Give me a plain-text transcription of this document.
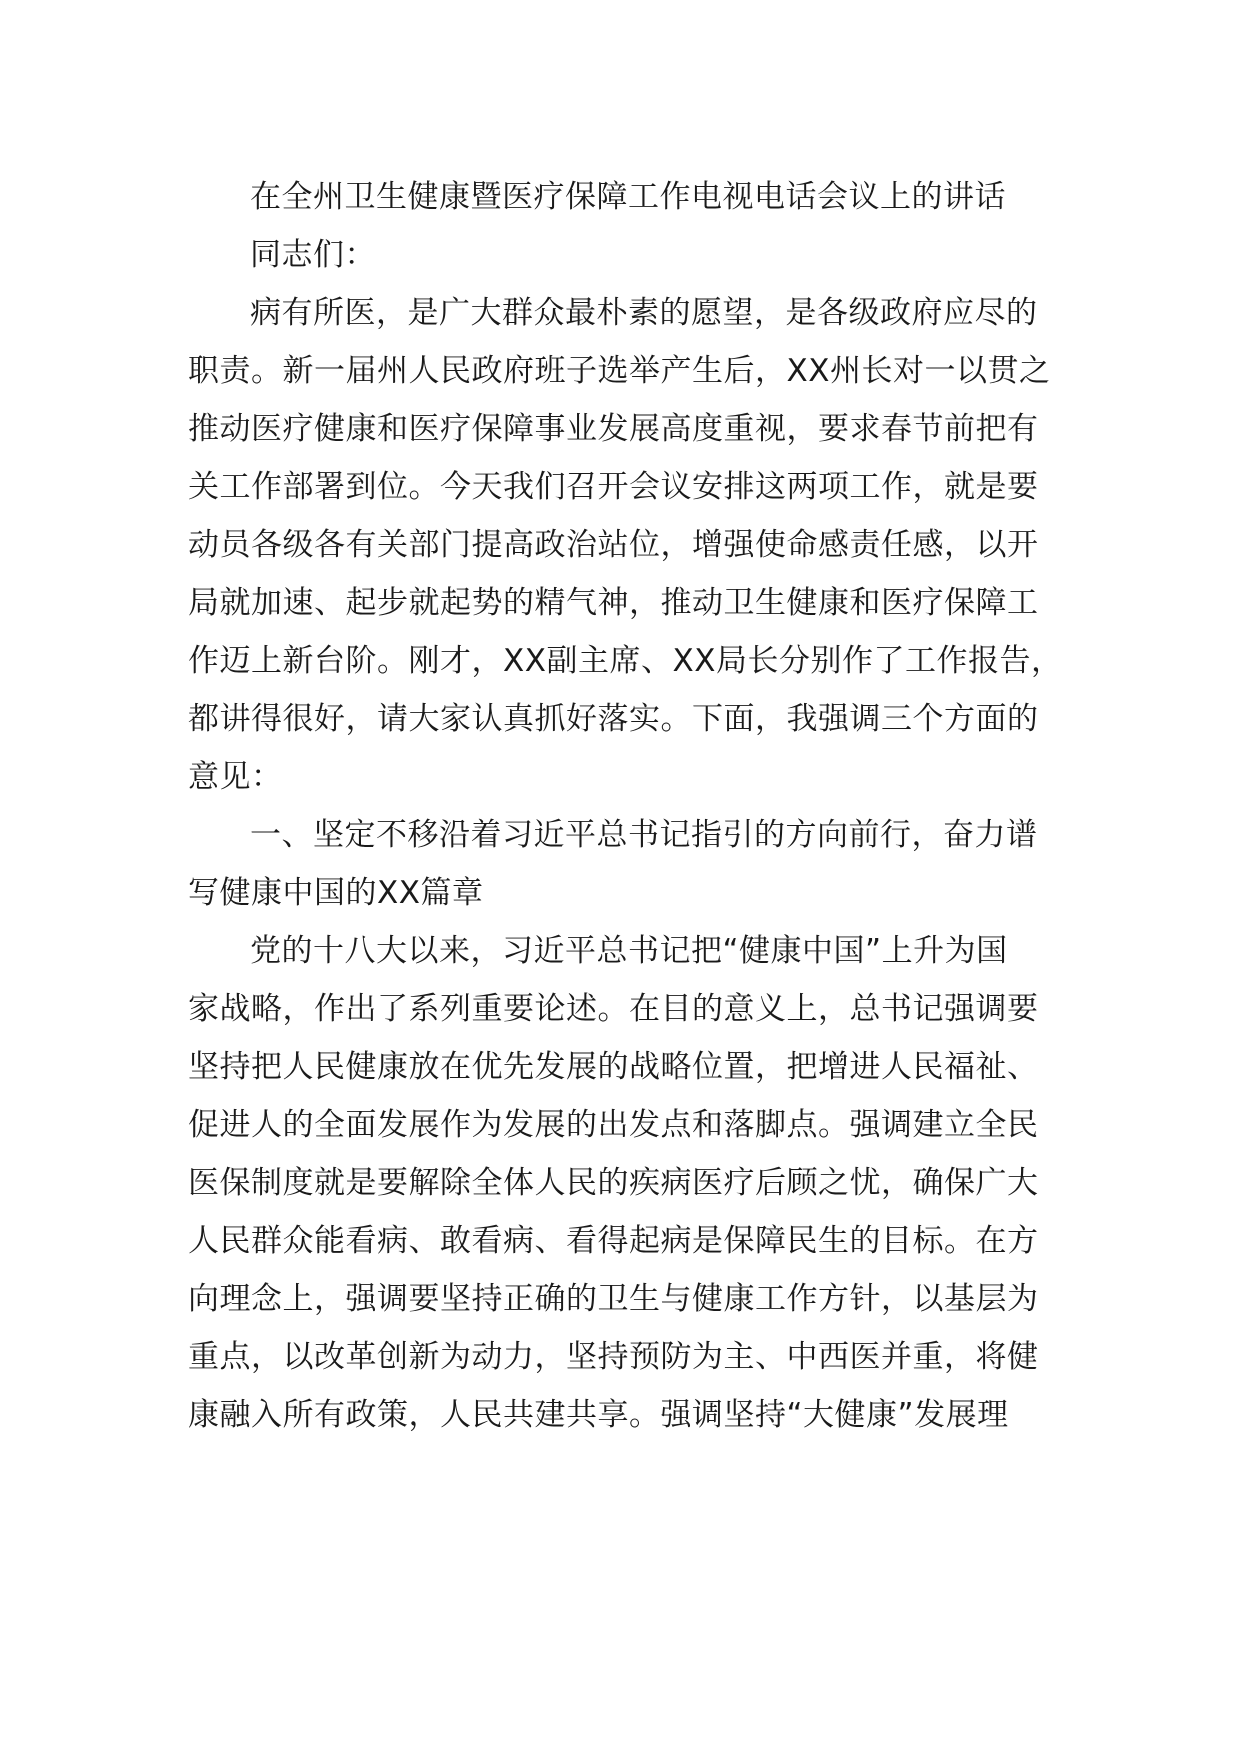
在全州卫生健康暨医疗保障工作电视电话会议上的讲话
同志们：
病有所医，是广大群众最朴素的愿望，是各级政府应尽的
职责。新一届州人民政府班子选举产生后，XX州长对一以贯之
推动医疗健康和医疗保障事业发展高度重视，要求春节前把有
关工作部署到位。今天我们召开会议安排这两项工作，就是要
动员各级各有关部门提高政治站位，增强使命感责任感，以开
局就加速、起步就起势的精气神，推动卫生健康和医疗保障工
作迈上新台阶。刚才，XX副主席、XX局长分别作了工作报告，
都讲得很好，请大家认真抓好落实。下面，我强调三个方面的
意见：
一、坚定不移沿着习近平总书记指引的方向前行，奋力谱
写健康中国的XX篇章
党的十八大以来，习近平总书记把“健康中国”上升为国
家战略，作出了系列重要论述。在目的意义上，总书记强调要
坚持把人民健康放在优先发展的战略位置，把增进人民福祉、
促进人的全面发展作为发展的出发点和落脚点。强调建立全民
医保制度就是要解除全体人民的疾病医疗后顾之忧，确保广大
人民群众能看病、敢看病、看得起病是保障民生的目标。在方
向理念上，强调要坚持正确的卫生与健康工作方针，以基层为
重点，以改革创新为动力，坚持预防为主、中西医并重，将健
康融入所有政策，人民共建共享。强调坚持“大健康”发展理
